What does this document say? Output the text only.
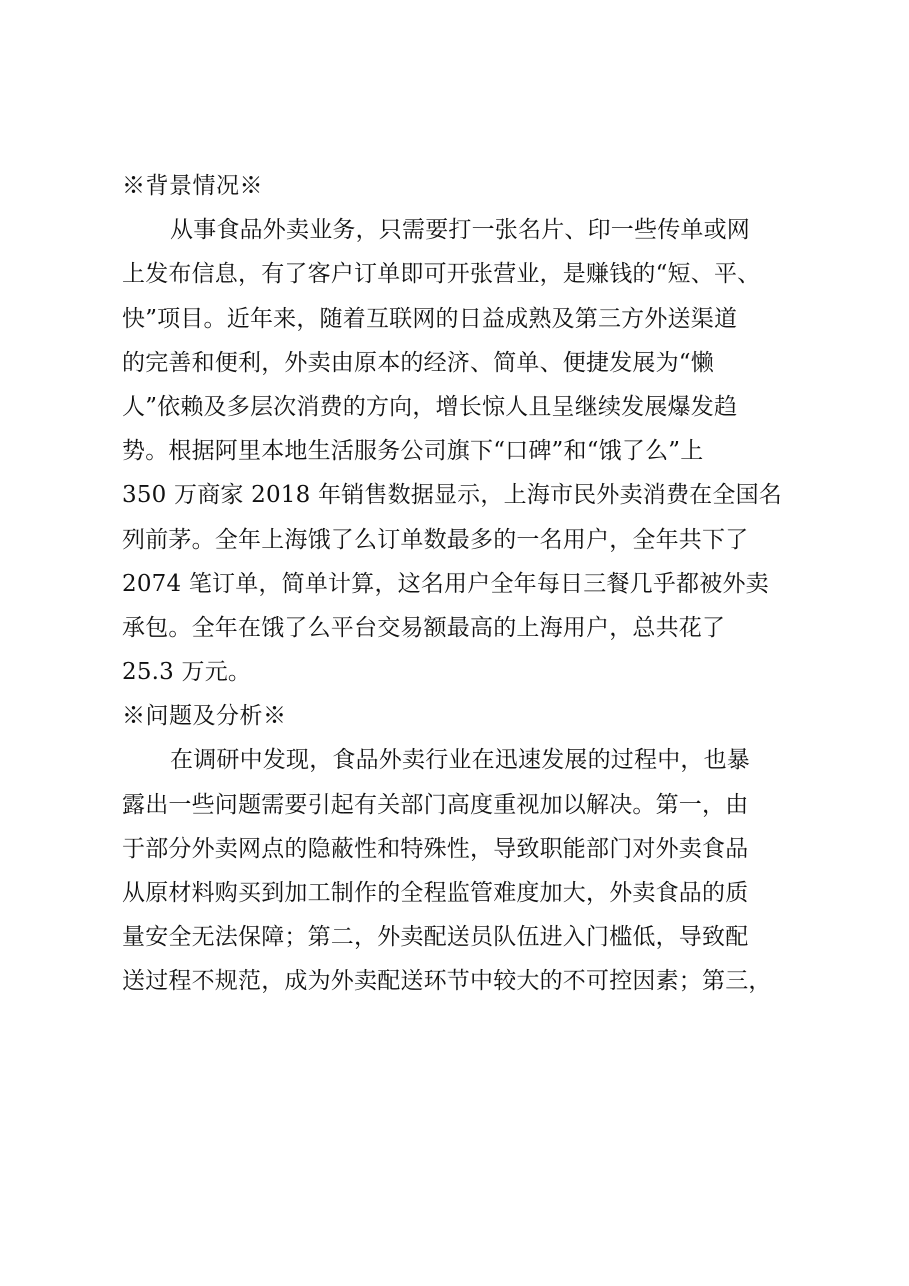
※背景情况※
从事食品外卖业务，只需要打一张名片、印一些传单或网
上发布信息，有了客户订单即可开张营业，是赚钱的“短、平、
快”项目。近年来，随着互联网的日益成熟及第三方外送渠道
的完善和便利，外卖由原本的经济、简单、便捷发展为“懒
人”依赖及多层次消费的方向，增长惊人且呈继续发展爆发趋
势。根据阿里本地生活服务公司旗下“口碑”和“饿了么”上
350 万商家 2018 年销售数据显示，上海市民外卖消费在全国名
列前茅。全年上海饿了么订单数最多的一名用户，全年共下了
2074 笔订单，简单计算，这名用户全年每日三餐几乎都被外卖
承包。全年在饿了么平台交易额最高的上海用户，总共花了
25.3 万元。
※问题及分析※
在调研中发现，食品外卖行业在迅速发展的过程中，也暴
露出一些问题需要引起有关部门高度重视加以解决。第一，由
于部分外卖网点的隐蔽性和特殊性，导致职能部门对外卖食品
从原材料购买到加工制作的全程监管难度加大，外卖食品的质
量安全无法保障；第二，外卖配送员队伍进入门槛低，导致配
送过程不规范，成为外卖配送环节中较大的不可控因素；第三，
